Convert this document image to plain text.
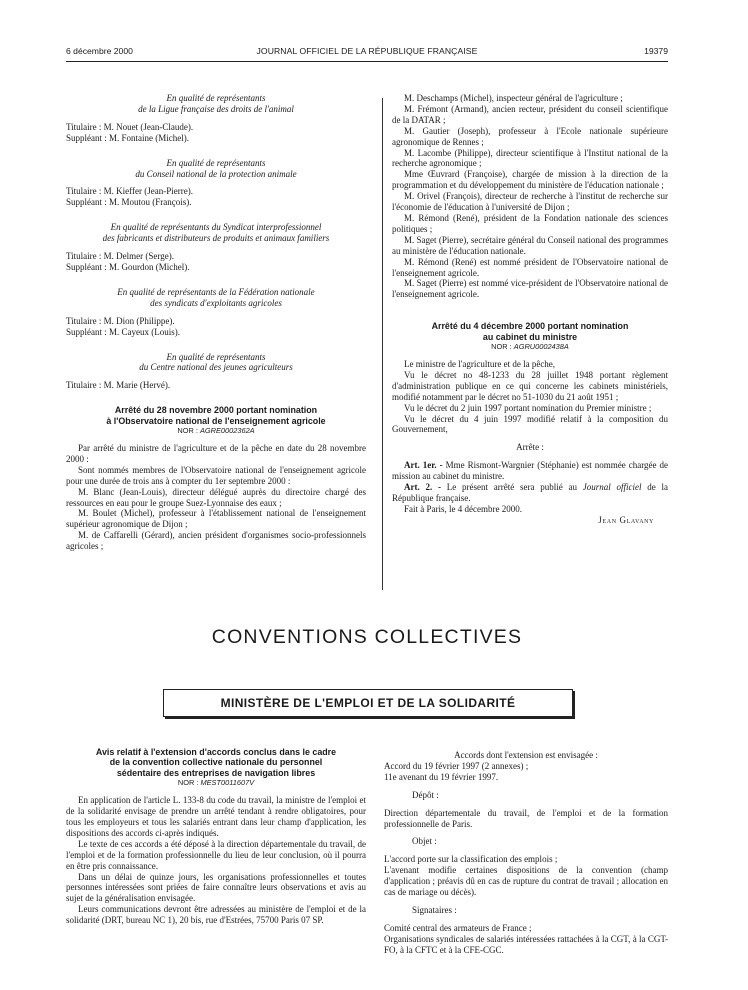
6 décembre 2000	JOURNAL OFFICIEL DE LA RÉPUBLIQUE FRANÇAISE	19379

En qualité de représentants

de la Ligue française des droits de l'animal

Titulaire : M. Nouet (Jean-Claude).

Suppléant : M. Fontaine (Michel).

En qualité de représentants

du Conseil national de la protection animale

Titulaire : M. Kieffer (Jean-Pierre).

Suppléant : M. Moutou (François).

En qualité de représentants du Syndicat interprofessionnel

des fabricants et distributeurs de produits et animaux familiers

Titulaire : M. Delmer (Serge).

Suppléant : M. Gourdon (Michel).

En qualité de représentants de la Fédération nationale

des syndicats d'exploitants agricoles

Titulaire : M. Dion (Philippe).

Suppléant : M. Cayeux (Louis).

En qualité de représentants

du Centre national des jeunes agriculteurs

Titulaire : M. Marie (Hervé).

Arrêté du 28 novembre 2000 portant nomination

à l'Observatoire national de l'enseignement agricole

NOR : AGRE0002362A

Par arrêté du ministre de l'agriculture et de la pêche en date du 28 novembre 2000 :

Sont nommés membres de l'Observatoire national de l'enseignement agricole pour une durée de trois ans à compter du 1er septembre 2000 :

M. Blanc (Jean-Louis), directeur délégué auprès du directoire chargé des ressources en eau pour le groupe Suez-Lyonnaise des eaux ;

M. Boulet (Michel), professeur à l'établissement national de l'enseignement supérieur agronomique de Dijon ;

M. de Caffarelli (Gérard), ancien président d'organismes socio-professionnels agricoles ;

M. Deschamps (Michel), inspecteur général de l'agriculture ;

M. Frémont (Armand), ancien recteur, président du conseil scientifique de la DATAR ;

M. Gautier (Joseph), professeur à l'Ecole nationale supérieure agronomique de Rennes ;

M. Lacombe (Philippe), directeur scientifique à l'Institut national de la recherche agronomique ;

Mme Œuvrard (Françoise), chargée de mission à la direction de la programmation et du développement du ministère de l'éducation nationale ;

M. Orivel (François), directeur de recherche à l'institut de recherche sur l'économie de l'éducation à l'université de Dijon ;

M. Rémond (René), président de la Fondation nationale des sciences politiques ;

M. Saget (Pierre), secrétaire général du Conseil national des programmes au ministère de l'éducation nationale.

M. Rémond (René) est nommé président de l'Observatoire national de l'enseignement agricole.

M. Saget (Pierre) est nommé vice-président de l'Observatoire national de l'enseignement agricole.

Arrêté du 4 décembre 2000 portant nomination

au cabinet du ministre

NOR : AGRU0002438A

Le ministre de l'agriculture et de la pêche,

Vu le décret no 48-1233 du 28 juillet 1948 portant règlement d'administration publique en ce qui concerne les cabinets ministériels, modifié notamment par le décret no 51-1030 du 21 août 1951 ;

Vu le décret du 2 juin 1997 portant nomination du Premier ministre ;

Vu le décret du 4 juin 1997 modifié relatif à la composition du Gouvernement,

Arrête :

Art. 1er. - Mme Rismont-Wargnier (Stéphanie) est nommée chargée de mission au cabinet du ministre.

Art. 2. - Le présent arrêté sera publié au Journal officiel de la République française.

Fait à Paris, le 4 décembre 2000.

Jean Glavany

CONVENTIONS COLLECTIVES
MINISTÈRE DE L'EMPLOI ET DE LA SOLIDARITÉ

Avis relatif à l'extension d'accords conclus dans le cadre

de la convention collective nationale du personnel

sédentaire des entreprises de navigation libres

NOR : MEST0011607V

En application de l'article L. 133-8 du code du travail, la ministre de l'emploi et de la solidarité envisage de prendre un arrêté tendant à rendre obligatoires, pour tous les employeurs et tous les salariés entrant dans leur champ d'application, les dispositions des accords ci-après indiqués.

Le texte de ces accords a été déposé à la direction départementale du travail, de l'emploi et de la formation professionnelle du lieu de leur conclusion, où il pourra en être pris connaissance.

Dans un délai de quinze jours, les organisations professionnelles et toutes personnes intéressées sont priées de faire connaître leurs observations et avis au sujet de la généralisation envisagée.

Leurs communications devront être adressées au ministère de l'emploi et de la solidarité (DRT, bureau NC 1), 20 bis, rue d'Estrées, 75700 Paris 07 SP.

Accords dont l'extension est envisagée :

Accord du 19 février 1997 (2 annexes) ;

11e avenant du 19 février 1997.

Dépôt :

Direction départementale du travail, de l'emploi et de la formation professionnelle de Paris.

Objet :

L'accord porte sur la classification des emplois ;

L'avenant modifie certaines dispositions de la convention (champ d'application ; préavis dû en cas de rupture du contrat de travail ; allocation en cas de mariage ou décès).

Signataires :

Comité central des armateurs de France ;

Organisations syndicales de salariés intéressées rattachées à la CGT, à la CGT-FO, à la CFTC et à la CFE-CGC.
